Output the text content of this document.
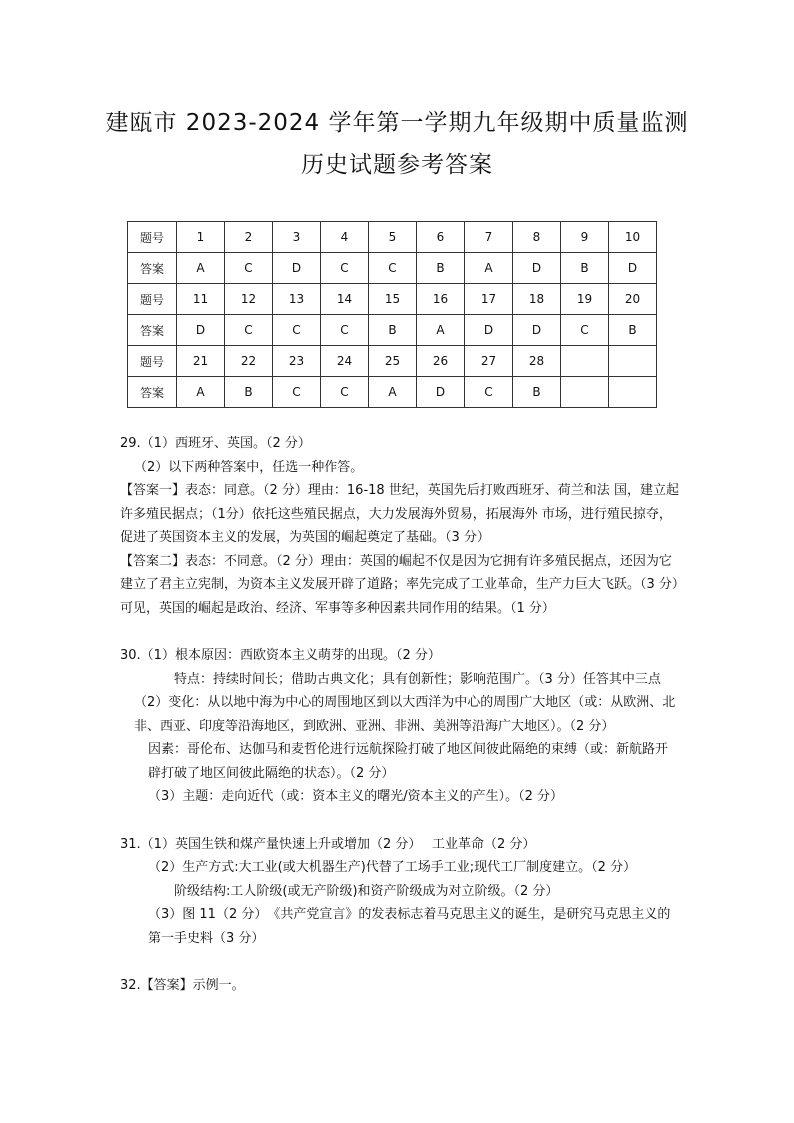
建瓯市 2023-2024 学年第一学期九年级期中质量监测
历史试题参考答案
题号	1	2	3	4	5	6	7	8	9	10
答案	A	C	D	C	C	B	A	D	B	D
题号	11	12	13	14	15	16	17	18	19	20
答案	D	C	C	C	B	A	D	D	C	B
题号	21	22	23	24	25	26	27	28		
答案	A	B	C	C	A	D	C	B		

29.（1）西班牙、英国。（2 分）

（2）以下两种答案中，任选一种作答。

【答案一】表态：同意。（2 分）理由：16-18 世纪，英国先后打败西班牙、荷兰和法 国，建立起许多殖民据点；（1分）依托这些殖民据点，大力发展海外贸易，拓展海外 市场，进行殖民掠夺，促进了英国资本主义的发展，为英国的崛起奠定了基础。（3 分）

【答案二】表态：不同意。（2 分）理由：英国的崛起不仅是因为它拥有许多殖民据点，还因为它建立了君主立宪制，为资本主义发展开辟了道路；率先完成了工业革命，生产力巨大飞跃。（3 分）可见，英国的崛起是政治、经济、军事等多种因素共同作用的结果。（1 分）

30.（1）根本原因：西欧资本主义萌芽的出现。（2 分）

特点：持续时间长；借助古典文化；具有创新性；影响范围广。（3 分）任答其中三点

（2）变化：从以地中海为中心的周围地区到以大西洋为中心的周围广大地区（或：从欧洲、北非、西亚、印度等沿海地区，到欧洲、亚洲、非洲、美洲等沿海广大地区）。（2 分）

因素：哥伦布、达伽马和麦哲伦进行远航探险打破了地区间彼此隔绝的束缚（或：新航路开辟打破了地区间彼此隔绝的状态）。（2 分）

（3）主题：走向近代（或：资本主义的曙光/资本主义的产生）。（2 分）

31.（1）英国生铁和煤产量快速上升或增加（2 分）　 工业革命（2 分）

（2）生产方式:大工业(或大机器生产)代替了工场手工业;现代工厂制度建立。（2 分）

阶级结构:工人阶级(或无产阶级)和资产阶级成为对立阶级。（2 分）

（3）图 11（2 分）　《共产党宣言》的发表标志着马克思主义的诞生，是研究马克思主义的第一手史料（3 分）

32.【答案】示例一。
